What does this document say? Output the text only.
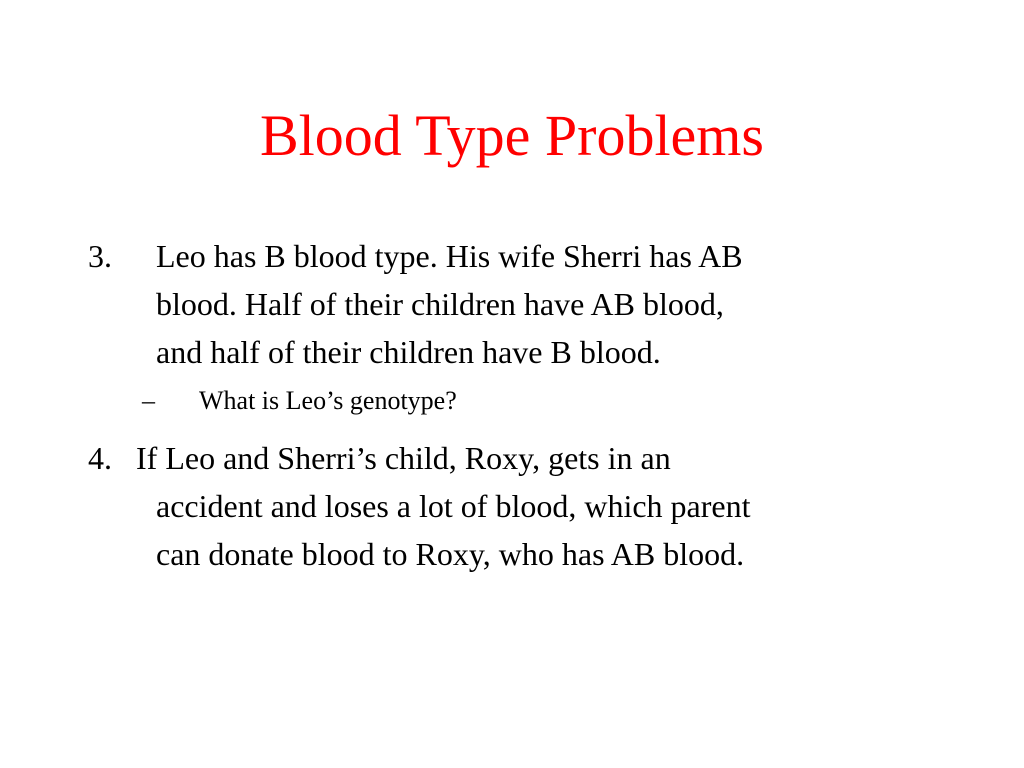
Blood Type Problems
3. Leo has B blood type. His wife Sherri has AB
blood. Half of their children have AB blood,
and half of their children have B blood.
– What is Leo’s genotype?
4. If Leo and Sherri’s child, Roxy, gets in an
accident and loses a lot of blood, which parent
can donate blood to Roxy, who has AB blood.
